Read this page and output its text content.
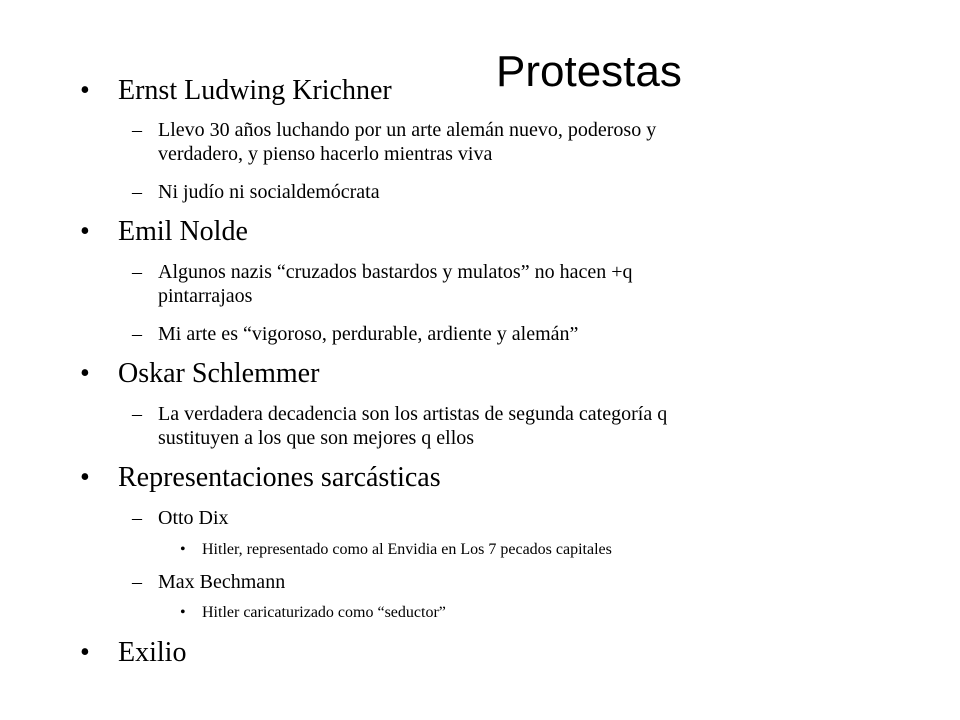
Protestas
• Ernst Ludwing Krichner
– Llevo 30 años luchando por un arte alemán nuevo, poderoso y
verdadero, y pienso hacerlo mientras viva
– Ni judío ni socialdemócrata
• Emil Nolde
– Algunos nazis “cruzados bastardos y mulatos” no hacen +q
pintarrajaos
– Mi arte es “vigoroso, perdurable, ardiente y alemán”
• Oskar Schlemmer
– La verdadera decadencia son los artistas de segunda categoría q
sustituyen a los que son mejores q ellos
• Representaciones sarcásticas
– Otto Dix
• Hitler, representado como al Envidia en Los 7 pecados capitales
– Max Bechmann
• Hitler caricaturizado como “seductor”
• Exilio
